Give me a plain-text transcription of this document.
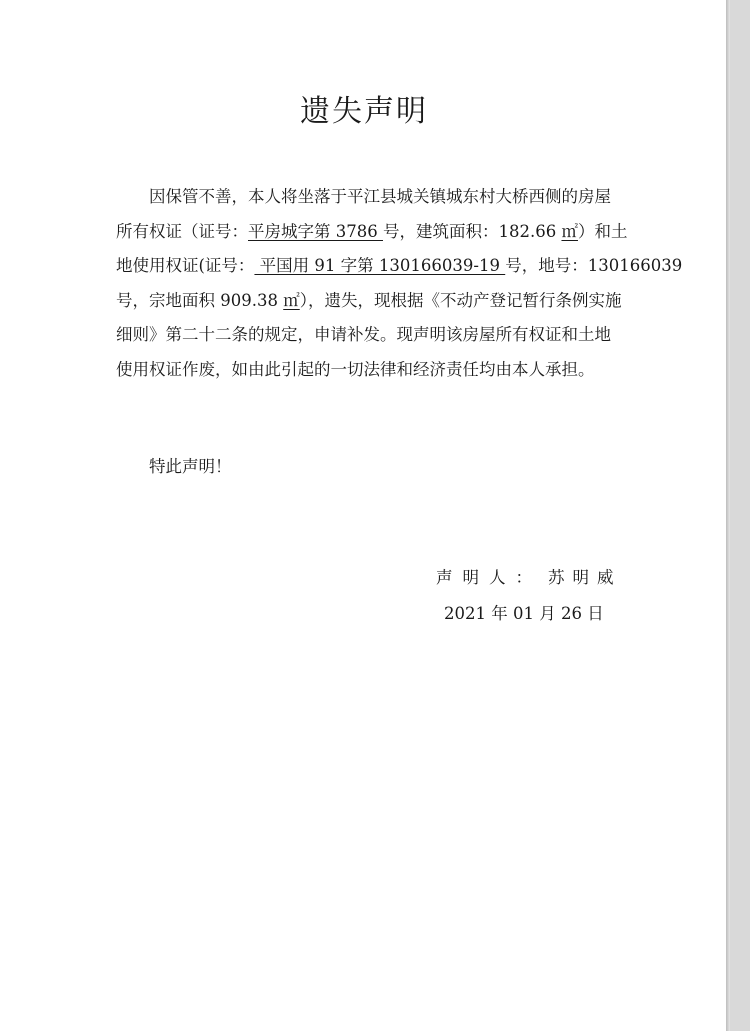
遗失声明
因保管不善，本人将坐落于平江县城关镇城东村大桥西侧的房屋
所有权证（证号：平房城字第 3786 号，建筑面积：182.66 ㎡）和土
地使用权证(证号： 平国用 91 字第 130166039-19 号，地号：130166039
号，宗地面积 909.38 ㎡），遗失，现根据《不动产登记暂行条例实施
细则》第二十二条的规定，申请补发。现声明该房屋所有权证和土地
使用权证作废，如由此引起的一切法律和经济责任均由本人承担。
特此声明！
声明人： 苏明威
2021 年 01 月 26 日
